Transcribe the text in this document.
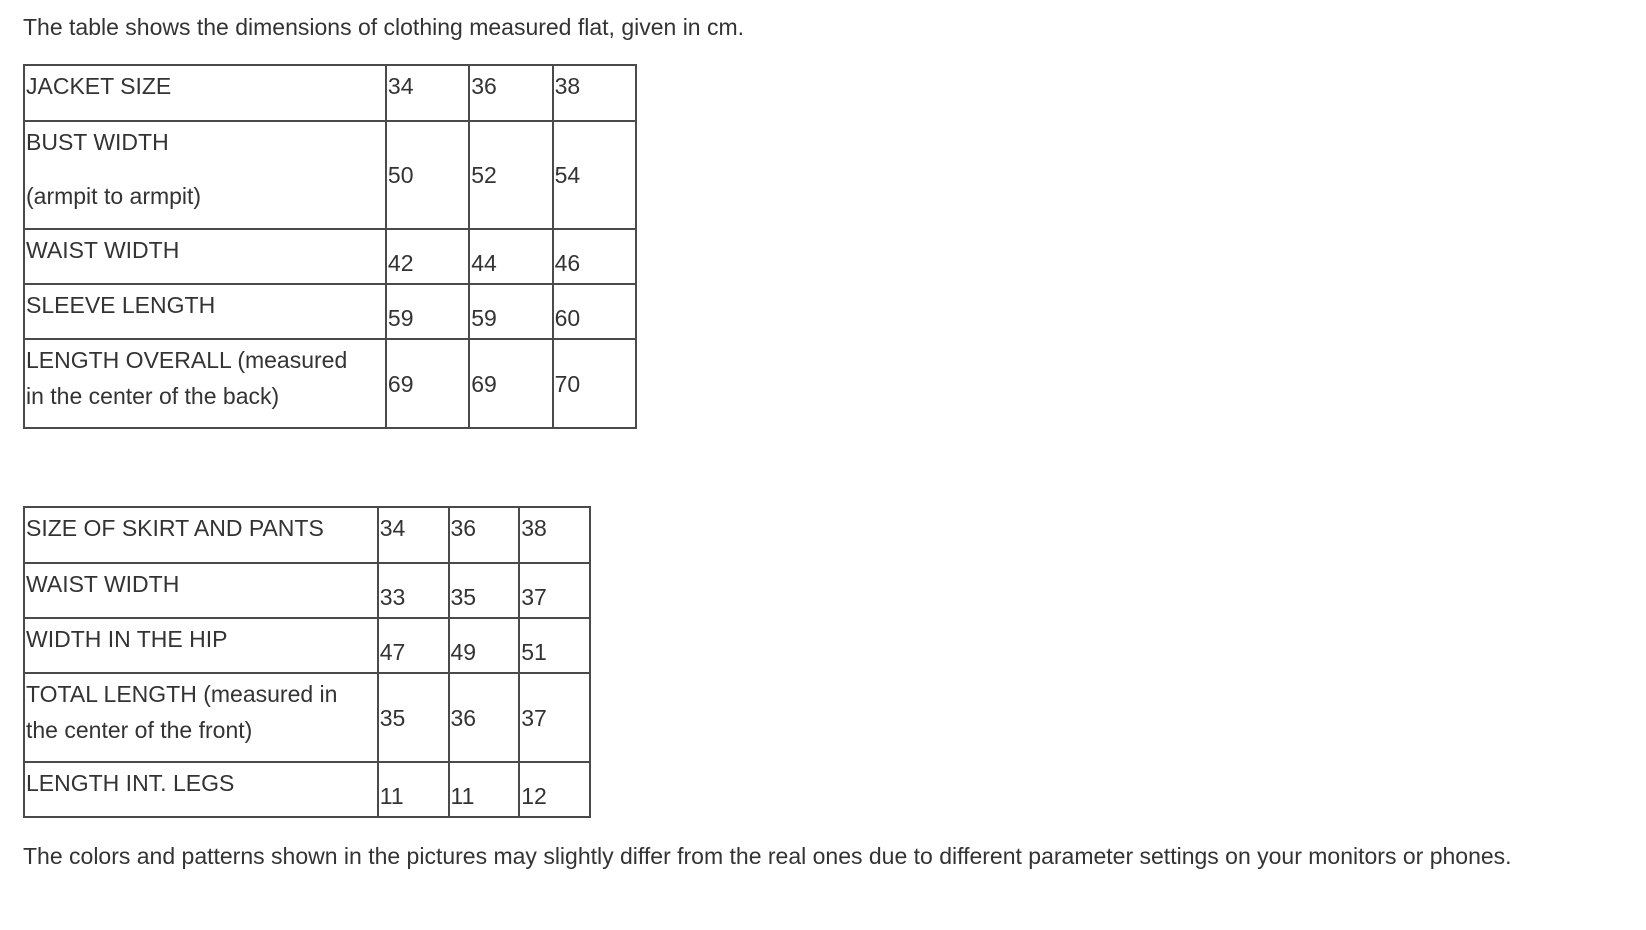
The table shows the dimensions of clothing measured flat, given in cm.
JACKET SIZE	34	36	38

BUST WIDTH
(armpit to armpit)	50	52	54
WAIST WIDTH	42	44	46
SLEEVE LENGTH	59	59	60

LENGTH OVERALL (measured
in the center of the back)	69	69	70
SIZE OF SKIRT AND PANTS	34	36	38
WAIST WIDTH	33	35	37
WIDTH IN THE HIP	47	49	51

TOTAL LENGTH (measured in
the center of the front)	35	36	37
LENGTH INT. LEGS	11	11	12
The colors and patterns shown in the pictures may slightly differ from the real ones due to different parameter settings on your monitors or phones.
